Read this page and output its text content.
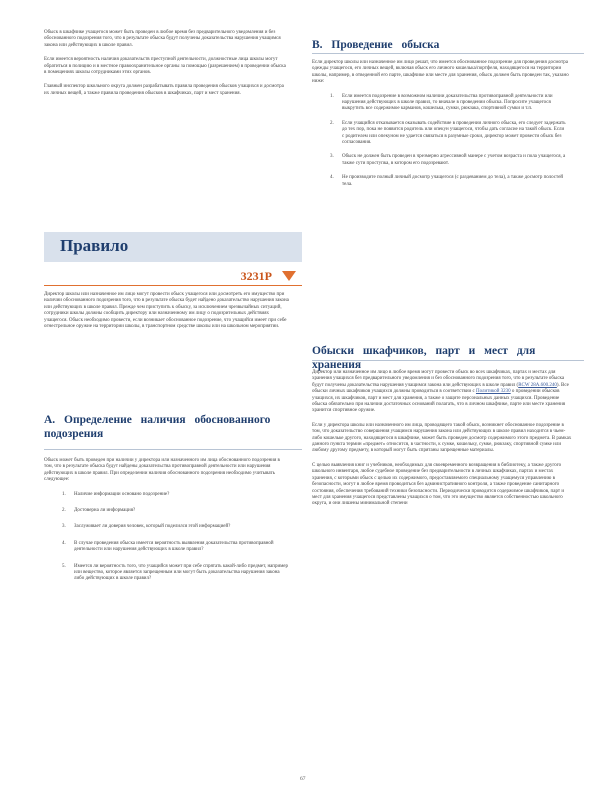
Обыск в шкафчике учащегося может быть проведен в любое время без предварительного уведомления и без обоснованного подозрения того, что в результате обыска будут получены доказательства нарушения учащимся закона или действующих в школе правил.

Если имеется вероятность наличия доказательств преступной деятельности, должностные лица школы могут обратиться в полицию и в местное правоохранительное органы за помощью (разрешением) в проведении обыска в помещениях школы сотрудниками этих органов.

Главный инспектор школьного округа должен разрабатывать правила проведения обысков учащихся и досмотра их личных вещей, а также правила проведения обысков в шкафчиках, парт и мест хранения.

Правило
3231Р

Директор школы или назначенное им лицо могут провести обыск учащегося или досмотреть его имущество при наличии обоснованного подозрения того, что в результате обыска будет найдено доказательство нарушения закона или действующих в школе правил. Прежде чем приступить к обыску, за исключением чрезвычайных ситуаций, сотрудники школы должны сообщить директору или назначенному им лицу о подозрительных действиях учащегося. Обыск необходимо провести, если возникает обоснованное подозрение, что учащийся имеет при себе огнестрельное оружие на территории школы, в транспортном средстве школы или на школьном мероприятии.

A. Определение наличия обоснованного подозрения

Обыск может быть проведен при наличии у директора или назначенного им лица обоснованного подозрения в том, что в результате обыска будут найдены доказательства противоправной деятельности или нарушения действующих в школе правил. При определении наличия обоснованного подозрения необходимо учитывать следующее:

1. Наличие информации основано подозрение?
2. Достоверна ли информация?
3. Заслуживает ли доверия человек, который поделился этой информацией?
4. В случае проведения обыска имеется вероятность выявления доказательства противоправной деятельности или нарушения действующих в школе правил?
5. Имеется ли вероятность того, что учащийся может при себе спрятать какой-либо предмет, например или вещество, которое является запрещенным или могут быть доказательства нарушения закона либо действующих в школе правил?
B. Проведение обыска

Если директор школы или назначенное им лицо решат, что имеется обоснованное подозрение для проведения досмотра одежды учащегося, его личных вещей, включая обыск его личного кошелька/портфеля, находящегося на территории школы, например, в отведенной его парте, шкафчике или месте для хранения, обыск должен быть проведен так, указано ниже:

1. Если имеется подозрение в возможном наличии доказательства противоправной деятельности или нарушения действующих в школе правил, то вначале в проведении обыска. Попросите учащегося выкрутить все содержимое карманов, кошелька, сумки, рюкзака, спортивной сумки и т.п.
2. Если учащийся отказывается оказывать содействие в проведении личного обыска, его следует задержать до тех пор, пока не появится родитель или опекун учащегося, чтобы дать согласие на такой обыск. Если с родителем или опекуном не удается связаться в разумные сроки, директор может провести обыск без согласования.
3. Обыск не должен быть проведен в чрезмерно агрессивной манере с учетом возраста и пола учащегося, а также сути проступка, в котором его подозревают.
4. Не производите полный личный досмотр учащегося (с раздеванием до тела), а также досмотр полостей тела.
Обыски шкафчиков, парт и мест для хранения

Директор или назначенное им лицо в любое время могут провести обыск во всех шкафчиках, партах и местах для хранения учащихся без предварительного уведомления и без обоснованного подозрения того, что в результате обыска будут получены доказательства нарушения учащимся закона или действующих в школе правил (RCW 28A.600.240). Все обыски личных шкафчиков учащихся должны проводиться в соответствии с Политикой 3230 о проведении обысков учащихся, их шкафчиков, парт и мест для хранения, а также о защите персональных данных учащихся. Проведение обыска обязательно при наличии достаточных оснований полагать, что в личном шкафчике, парте или месте хранения хранится спортивное оружие.

Если у директора школы или назначенного им лица, проводящего такой обыск, возникнет обоснованное подозрение в том, что доказательство совершения учащимся нарушения закона или действующих в школе правил находится в чьем-либо кошельке другого, находящегося в шкафчике, может быть проведен досмотр содержимого этого предмета. В рамках данного пункта термин «предмет» относится, в частности, к сумке, кошельку, сумке, рюкзаку, спортивной сумке или любому другому предмету, в который могут быть спрятаны запрещенные материалы.

С целью выявления книг и учебников, необходимых для своевременного возвращения в библиотеку, а также другого школьного инвентаря, любое судебное проведение без предварительности в личных шкафчиках, партах и местах хранения, с которыми обыск с целью их содержимого, предоставляемого специальному учащемуся управлению в безопасности, могут в любое время проводиться без административного контроля, а также проведение санитарного состояния, обеспечения требований техники безопасности. Периодически проводится содержимое шкафчиков, парт и мест для хранения учащегося представлены учащихся о том, что это имущество является собственностью школьного округа, и они лишены минимальной степени

67
